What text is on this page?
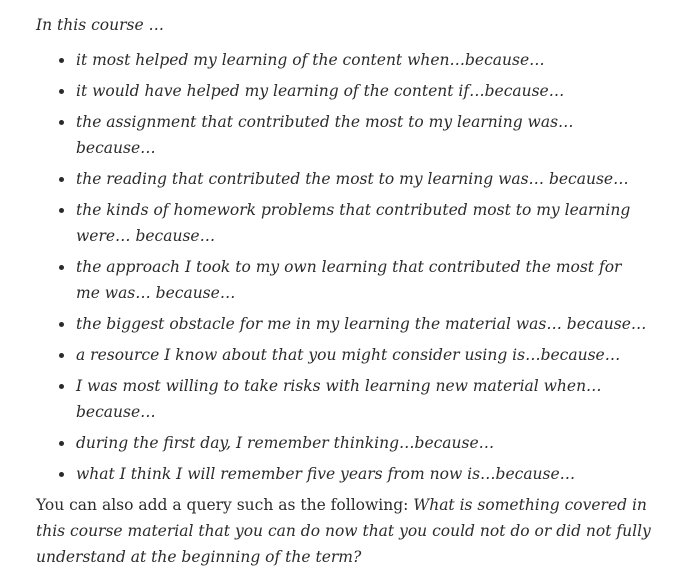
In this course …

it most helped my learning of the content when…because…
it would have helped my learning of the content if…because…
the assignment that contributed the most to my learning was… because…
the reading that contributed the most to my learning was… because…
the kinds of homework problems that contributed most to my learning were… because…
the approach I took to my own learning that contributed the most for me was… because…
the biggest obstacle for me in my learning the material was… because…
a resource I know about that you might consider using is…because…
I was most willing to take risks with learning new material when… because…
during the first day, I remember thinking…because…
what I think I will remember five years from now is…because…

You can also add a query such as the following: What is something covered in this course material that you can do now that you could not do or did not fully understand at the beginning of the term?
